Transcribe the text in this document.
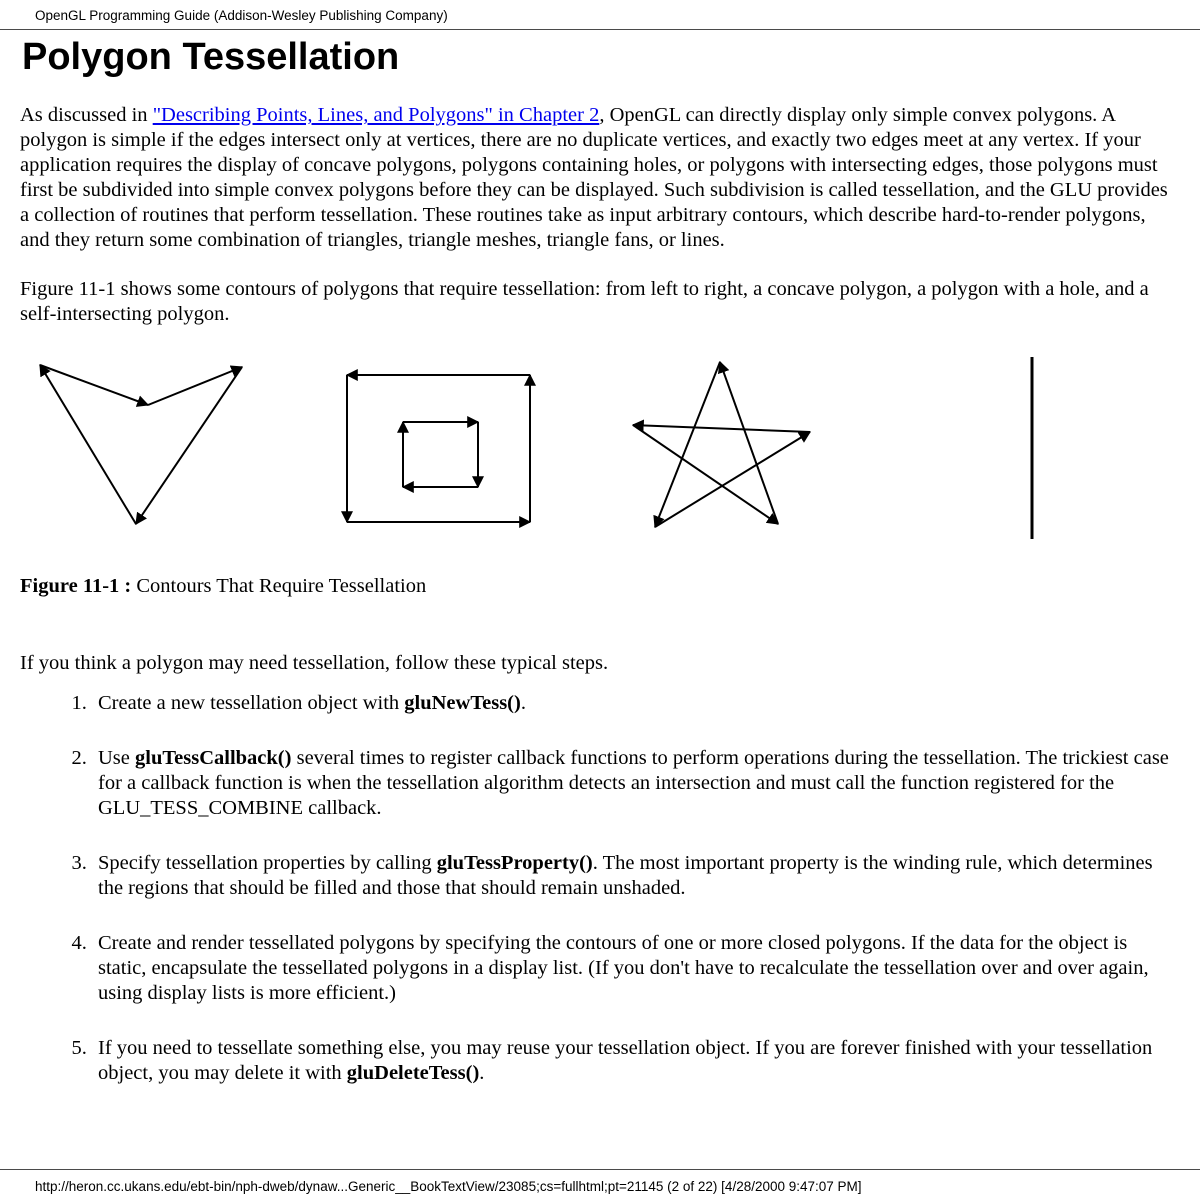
OpenGL Programming Guide (Addison-Wesley Publishing Company)
Polygon Tessellation

As discussed in "Describing Points, Lines, and Polygons" in Chapter 2, OpenGL can directly display only simple convex polygons. A polygon is simple if the edges intersect only at vertices, there are no duplicate vertices, and exactly two edges meet at any vertex. If your application requires the display of concave polygons, polygons containing holes, or polygons with intersecting edges, those polygons must first be subdivided into simple convex polygons before they can be displayed. Such subdivision is called tessellation, and the GLU provides a collection of routines that perform tessellation. These routines take as input arbitrary contours, which describe hard-to-render polygons, and they return some combination of triangles, triangle meshes, triangle fans, or lines.

Figure 11-1 shows some contours of polygons that require tessellation: from left to right, a concave polygon, a polygon with a hole, and a self-intersecting polygon.

Figure 11-1 : Contours That Require Tessellation

If you think a polygon may need tessellation, follow these typical steps.

1. Create a new tessellation object with gluNewTess().
2. Use gluTessCallback() several times to register callback functions to perform operations during the tessellation. The trickiest case for a callback function is when the tessellation algorithm detects an intersection and must call the function registered for the GLU_TESS_COMBINE callback.
3. Specify tessellation properties by calling gluTessProperty(). The most important property is the winding rule, which determines the regions that should be filled and those that should remain unshaded.
4. Create and render tessellated polygons by specifying the contours of one or more closed polygons. If the data for the object is static, encapsulate the tessellated polygons in a display list. (If you don't have to recalculate the tessellation over and over again, using display lists is more efficient.)
5. If you need to tessellate something else, you may reuse your tessellation object. If you are forever finished with your tessellation object, you may delete it with gluDeleteTess().
http://heron.cc.ukans.edu/ebt-bin/nph-dweb/dynaw...Generic__BookTextView/23085;cs=fullhtml;pt=21145 (2 of 22) [4/28/2000 9:47:07 PM]
